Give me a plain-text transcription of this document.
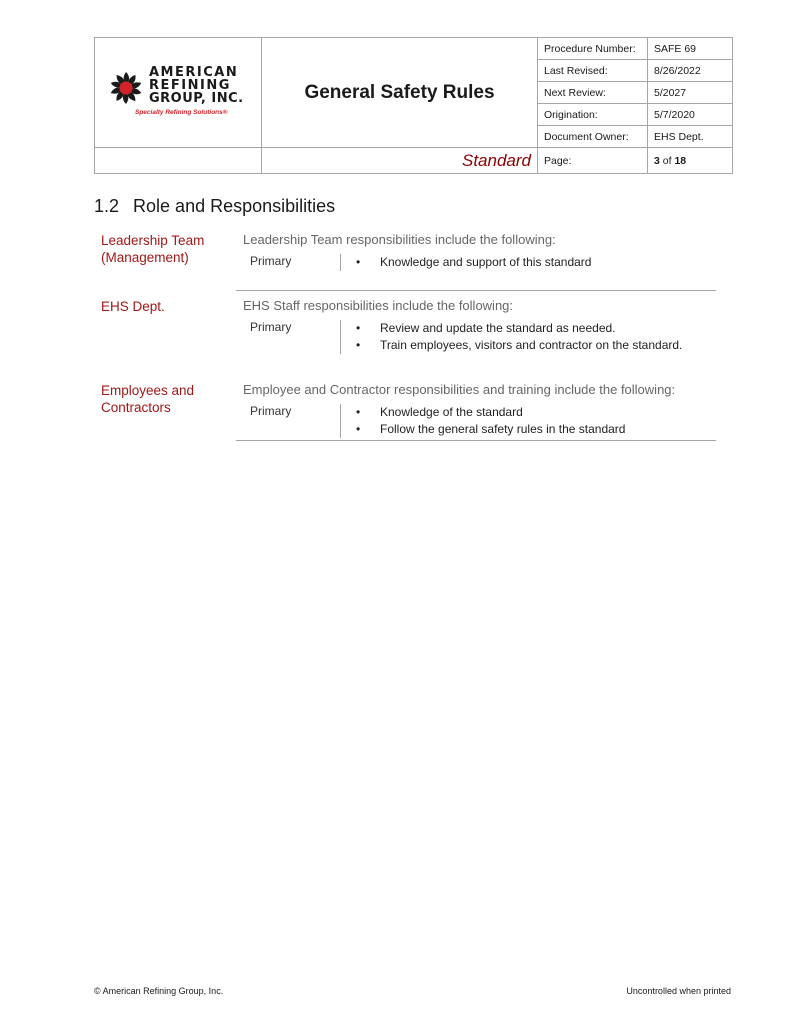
AMERICAN
REFINING
GROUP, INC.
Specialty Refining Solutions®	General Safety Rules	Procedure Number:	SAFE 69
		Last Revised:	8/26/2022
		Next Review:	5/2027
		Origination:	5/7/2020
		Document Owner:	EHS Dept.
	Standard	Page:	3 of 18
1.2 Role and Responsibilities
Leadership Team (Management)
Leadership Team responsibilities include the following:
Primary	• Knowledge and support of this standard
EHS Dept.	EHS Staff responsibilities include the following:
Primary	• Review and update the standard as needed.
• Train employees, visitors and contractor on the standard.
Employees and Contractors
Employee and Contractor responsibilities and training include the following:
Primary	• Knowledge of the standard
• Follow the general safety rules in the standard
© American Refining Group, Inc.	Uncontrolled when printed
